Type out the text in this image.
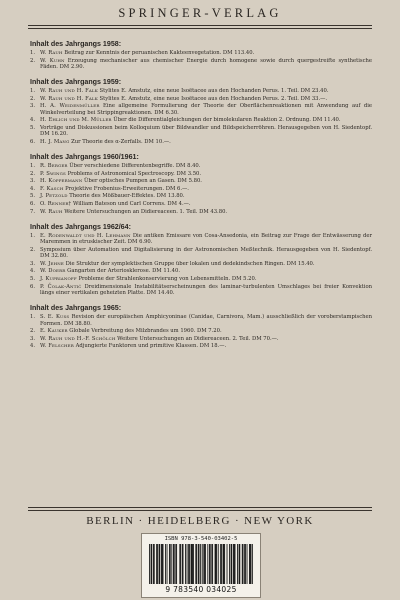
SPRINGER-VERLAG
Inhalt des Jahrgangs 1958:
1. W. Rauh Beitrag zur Kenntnis der peruanischen Kakteenvegetation. DM 113.40.
2. W. Kuhn Erzeugung mechanischer aus chemischer Energie durch homogene sowie durch quergestreifte synthetische Fäden. DM 2.90.
Inhalt des Jahrgangs 1959:
1. W. Rauh und H. Falk Stylites E. Amstutz, eine neue Isoëtacee aus den Hochanden Perus. 1. Teil. DM 23.40.
2. W. Rauh und H. Falk Stylites E. Amstutz, eine neue Isoëtacee aus den Hochanden Perus. 2. Teil. DM 33.—.
3. H. A. Weidenmüller Eine allgemeine Formulierung der Theorie der Oberflächenreaktionen mit Anwendung auf die Winkelverteilung bei Strippingreaktionen. DM 6.30.
4. H. Ehlich und M. Müller Über die Differentialgleichungen der bimolekularen Reaktion 2. Ordnung. DM 11.40.
5. Vorträge und Diskussionen beim Kolloquium über Bildwandler und Bildspeicherröhren. Herausgegeben von H. Siedentopf. DM 16.20.
6. H. J. Mang Zur Theorie des α-Zerfalls. DM 10.—.
Inhalt des Jahrgangs 1960/1961:
1. R. Berger Über verschiedene Differentenbegriffe. DM 8.40.
2. P. Swings Problems of Astronomical Spectroscopy. DM 3.50.
3. H. Koppermann Über optisches Pumpen an Gasen. DM 5.80.
4. F. Kasch Projektive Frobenius-Erweiterungen. DM 6.—.
5. J. Petzold Theorie des Mößbauer-Effektes. DM 13.80.
6. O. Renner† William Bateson und Carl Correns. DM 4.—.
7. W. Rauh Weitere Untersuchungen an Didiereaceen. 1. Teil. DM 43.80.
Inhalt des Jahrgangs 1962/64:
1. E. Rodenwaldt und H. Lehmann Die antiken Emissare von Cosa-Ansedonia, ein Beitrag zur Frage der Entwässerung der Maremmen in etruskischer Zeit. DM 6.90.
2. Symposium über Automation und Digitalisierung in der Astronomischen Meßtechnik. Herausgegeben von H. Siedentopf. DM 32.80.
3. W. Jehne Die Struktur der symplektischen Gruppe über lokalen und dedekindschen Ringen. DM 15.40.
4. W. Doerr Gangarten der Arteriosklerose. DM 11.40.
5. J. Kuprianoff Probleme der Strahlenkonservierung von Lebensmitteln. DM 5.20.
6. P. Čolak-Antić Dreidimensionale Instabilitätserscheinungen des laminar-turbulenten Umschlages bei freier Konvektion längs einer vertikalen geheizten Platte. DM 14.40.
Inhalt des Jahrgangs 1965:
1. S. E. Kuss Revision der europäischen Amphicyoninae (Canidae, Carnivora, Mam.) ausschließlich der voroberstampischen Formen. DM 38.80.
2. E. Kauker Globale Verbreitung des Milzbrandes um 1960. DM 7.20.
3. W. Rauh und H.-F. Schölch Weitere Untersuchungen an Didiereaceen. 2. Teil. DM 70.—.
4. W. Felscher Adjungierte Funktoren und primitive Klassen. DM 18.—.
BERLIN · HEIDELBERG · NEW YORK
ISBN 978-3-540-03402-5
9 783540 034025
